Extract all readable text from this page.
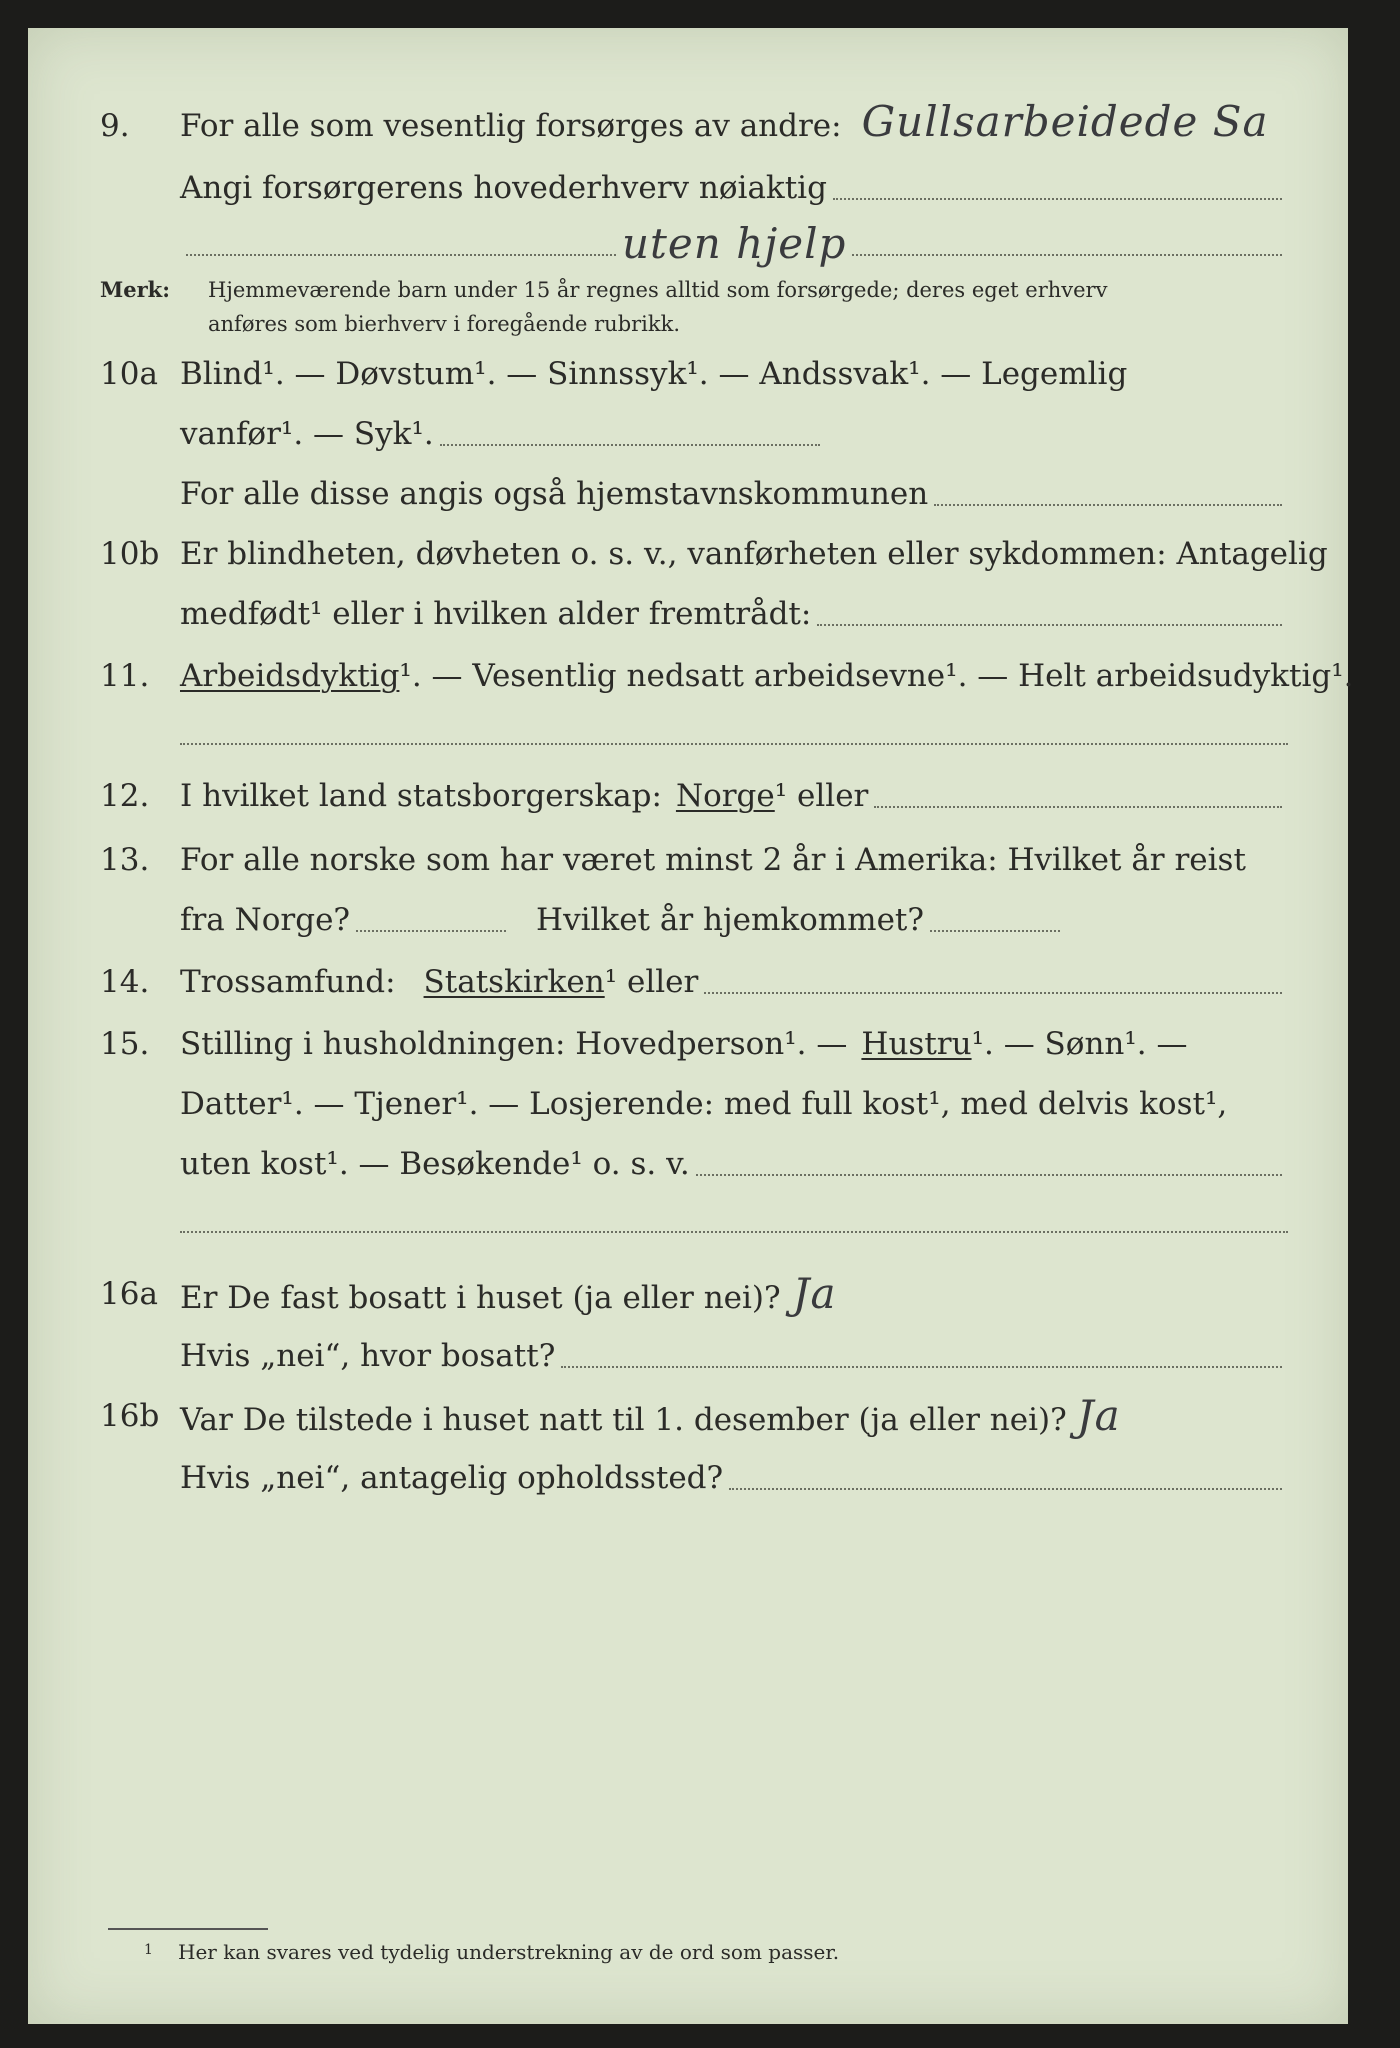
9.	For alle som vesentlig forsørges av andre: Gullsarbeidede Sa
Angi forsørgerens hovederhverv nøiaktig
uten hjelp
Merk: Hjemmeværende barn under 15 år regnes alltid som forsørgede; deres eget erhverv
anføres som bierhverv i foregående rubrikk.
10a Blind¹. — Døvstum¹. — Sinnssyk¹. — Andssvak¹. — Legemlig
vanfør¹. — Syk¹.
For alle disse angis også hjemstavnskommunen
10b Er blindheten, døvheten o. s. v., vanførheten eller sykdommen: Antagelig
medfødt¹ eller i hvilken alder fremtrådt:
11. Arbeidsdyktig ¹. — Vesentlig nedsatt arbeidsevne¹. — Helt arbeidsudyktig¹.
12. I hvilket land statsborgerskap: Norge ¹ eller
13. For alle norske som har været minst 2 år i Amerika: Hvilket år reist
fra Norge?	Hvilket år hjemkommet?
14. Trossamfund: Statskirken ¹ eller
15. Stilling i husholdningen: Hovedperson¹. — Hustru ¹. — Sønn¹. —
Datter¹. — Tjener¹. — Losjerende: med full kost¹, med delvis kost¹,
uten kost¹. — Besøkende¹ o. s. v.
16a Er De fast bosatt i huset (ja eller nei)? Ja
Hvis „nei“, hvor bosatt?
16b Var De tilstede i huset natt til 1. desember (ja eller nei)? Ja
Hvis „nei“, antagelig opholdssted?
1	Her kan svares ved tydelig understrekning av de ord som passer.
